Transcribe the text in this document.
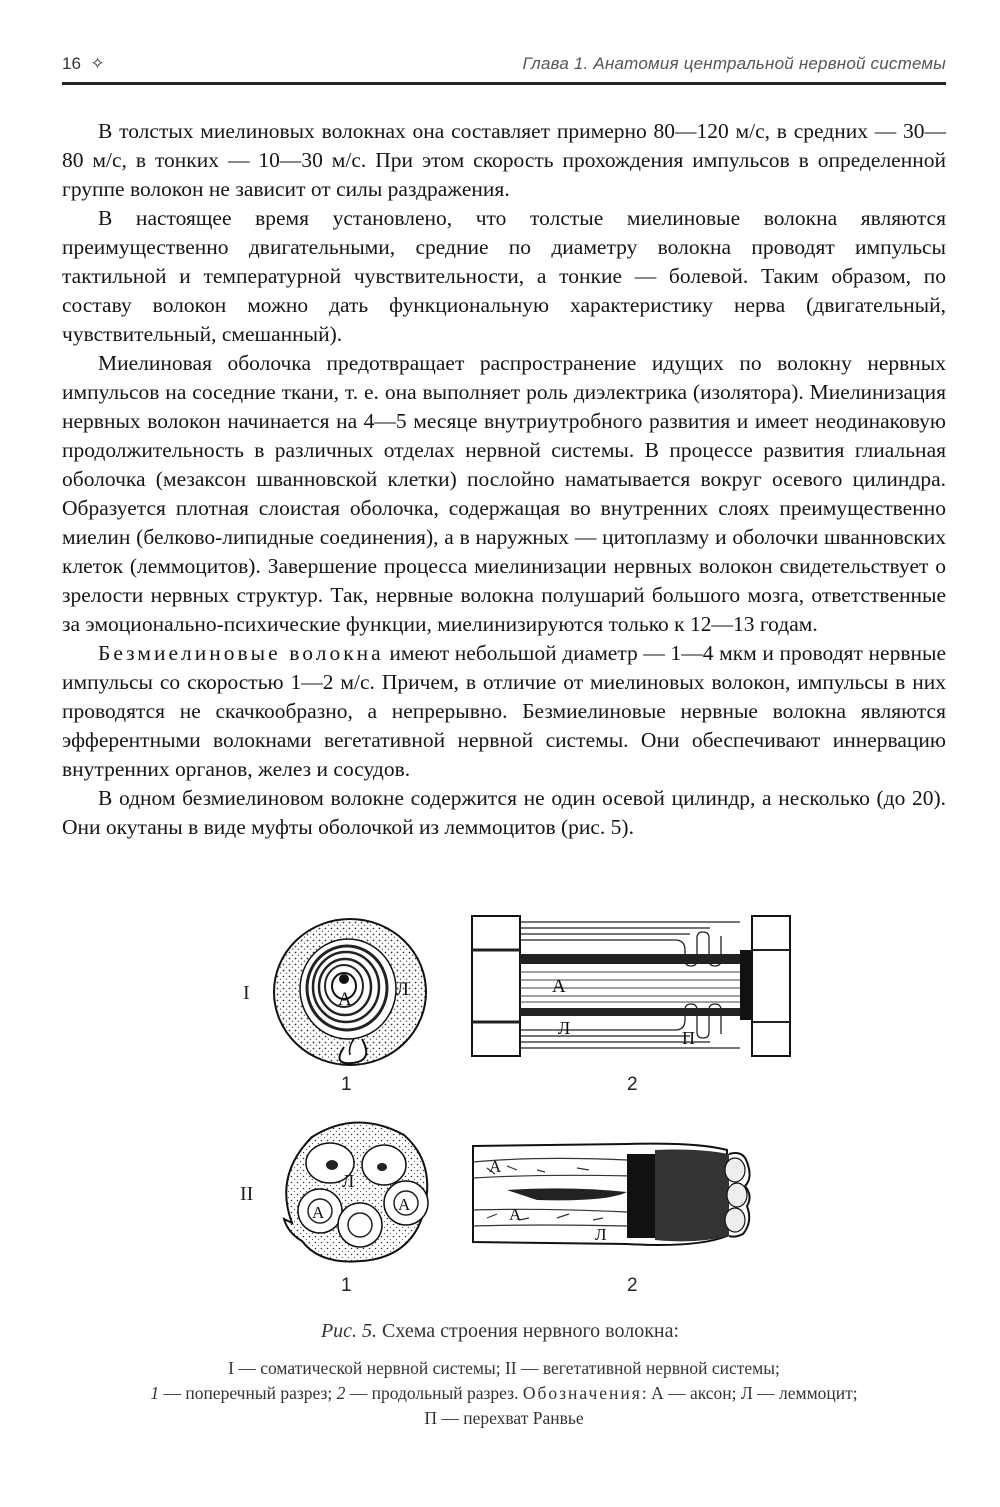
16 ✧	Глава 1. Анатомия центральной нервной системы

В толстых миелиновых волокнах она составляет примерно 80—120 м/с, в средних — 30—80 м/с, в тонких — 10—30 м/с. При этом скорость прохождения импульсов в определенной группе волокон не зависит от силы раздражения.

В настоящее время установлено, что толстые миелиновые волокна являются преимущественно двигательными, средние по диаметру волокна проводят импульсы тактильной и температурной чувствительности, а тонкие — болевой. Таким образом, по составу волокон можно дать функциональную характеристику нерва (двигательный, чувствительный, смешанный).

Миелиновая оболочка предотвращает распространение идущих по волокну нервных импульсов на соседние ткани, т. е. она выполняет роль диэлектрика (изолятора). Миелинизация нервных волокон начинается на 4—5 месяце внутриутробного развития и имеет неодинаковую продолжительность в различных отделах нервной системы. В процессе развития глиальная оболочка (мезаксон шванновской клетки) послойно наматывается вокруг осевого цилиндра. Образуется плотная слоистая оболочка, содержащая во внутренних слоях преимущественно миелин (белково-липидные соединения), а в наружных — цитоплазму и оболочки шванновских клеток (леммоцитов). Завершение процесса миелинизации нервных волокон свидетельствует о зрелости нервных структур. Так, нервные волокна полушарий большого мозга, ответственные за эмоционально-психические функции, миелинизируются только к 12—13 годам.

Безмиелиновые волокна имеют небольшой диаметр — 1—4 мкм и проводят нервные импульсы со скоростью 1—2 м/с. Причем, в отличие от миелиновых волокон, импульсы в них проводятся не скачкообразно, а непрерывно. Безмиелиновые нервные волокна являются эфферентными волокнами вегетативной нервной системы. Они обеспечивают иннервацию внутренних органов, желез и сосудов.

В одном безмиелиновом волокне содержится не один осевой цилиндр, а несколько (до 20). Они окутаны в виде муфты оболочкой из леммоцитов (рис. 5).

I
II
А Л
1
А
Л	П
2
Л
А	А
1
А
А
Л
2
Рис. 5. Схема строения нервного волокна:
I — соматической нервной системы; II — вегетативной нервной системы;
1 — поперечный разрез; 2 — продольный разрез. Обозначения: А — аксон; Л — леммоцит;
П — перехват Ранвье
